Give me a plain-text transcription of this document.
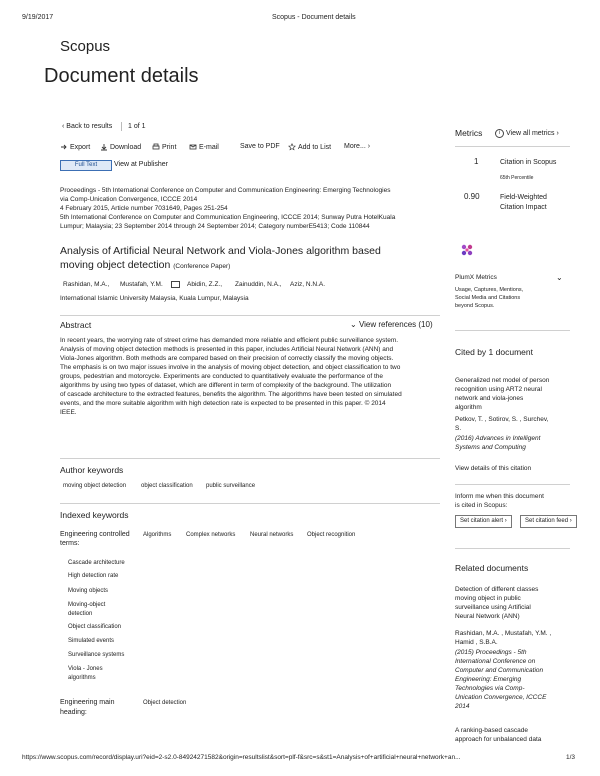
9/19/2017	Scopus - Document details
Scopus
Document details
‹ Back to results 1 of 1
Export	Download	Print	E-mail	Save to PDF	Add to List More... ›
Full Text	View at Publisher
Proceedings - 5th International Conference on Computer and Communication Engineering: Emerging Technologies
via Comp-Unication Convergence, ICCCE 2014
4 February 2015, Article number 7031649, Pages 251-254
5th International Conference on Computer and Communication Engineering, ICCCE 2014; Sunway Putra HotelKuala
Lumpur; Malaysia; 23 September 2014 through 24 September 2014; Category numberE5413; Code 110844
Analysis of Artificial Neural Network and Viola-Jones algorithm based
moving object detection (Conference Paper)
Rashidan, M.A., Mustafah, Y.M.	Abidin, Z.Z., Zainuddin, N.A., Aziz, N.N.A.
International Islamic University Malaysia, Kuala Lumpur, Malaysia
Abstract	⌄ View references (10)
In recent years, the worrying rate of street crime has demanded more reliable and efficient public surveillance system.
Analysis of moving object detection methods is presented in this paper, includes Artificial Neural Network (ANN) and
Viola-Jones algorithm. Both methods are compared based on their precision of correctly classify the moving objects.
The emphasis is on two major issues involve in the analysis of moving object detection, and object classification to two
groups, pedestrian and motorcycle. Experiments are conducted to quantitatively evaluate the performance of the
algorithms by using two types of dataset, which are different in term of complexity of the background. The utilization
of cascade architecture to the extracted features, benefits the algorithm. The algorithms have been tested on simulated
events, and the more suitable algorithm with high detection rate is expected to be presented in this paper. © 2014
IEEE.
Author keywords
moving object detection object classification public surveillance
Indexed keywords
Engineering controlled terms:
Algorithms Complex networks Neural networks Object recognition
Cascade architecture
High detection rate
Moving objects
Moving-object detection
Object classification
Simulated events
Surveillance systems
Viola - Jones algorithms
Engineering main heading:
Object detection
Metrics	i View all metrics ›
1	Citation in Scopus
65th Percentile
0.90	Field-Weighted
Citation Impact
PlumX Metrics	⌄
Usage, Captures, Mentions,
Social Media and Citations
beyond Scopus.
Cited by 1 document
Generalized net model of person
recognition using ART2 neural
network and viola-jones
algorithm
Petkov, T. , Sotirov, S. , Surchev,
S.
(2016) Advances in Intelligent
Systems and Computing
View details of this citation
Inform me when this document
is cited in Scopus:
Set citation alert ›	Set citation feed ›
Related documents
Detection of different classes
moving object in public
surveillance using Artificial
Neural Network (ANN)
Rashidan, M.A. , Mustafah, Y.M. ,
Hamid , S.B.A.
(2015) Proceedings - 5th
International Conference on
Computer and Communication
Engineering: Emerging
Technologies via Comp-
Unication Convergence, ICCCE
2014
A ranking-based cascade
approach for unbalanced data
https://www.scopus.com/record/display.uri?eid=2-s2.0-84924271582&origin=resultslist&sort=plf-f&src=s&st1=Analysis+of+artificial+neural+network+an...	1/3
